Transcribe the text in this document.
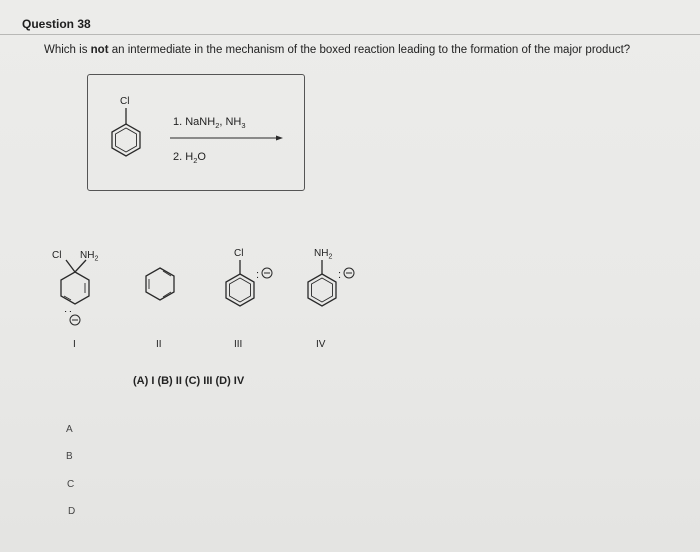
Question 38
Which is not an intermediate in the mechanism of the boxed reaction leading to the formation of the major product?
Cl
1. NaNH$_2$, $NH_3$
2. $H_2O$
Cl $NH_2$
:
Cl
:
$NH_2$
:
I	II	III	IV
(A) I (B) II (C) III (D) IV
A
B
C
D
